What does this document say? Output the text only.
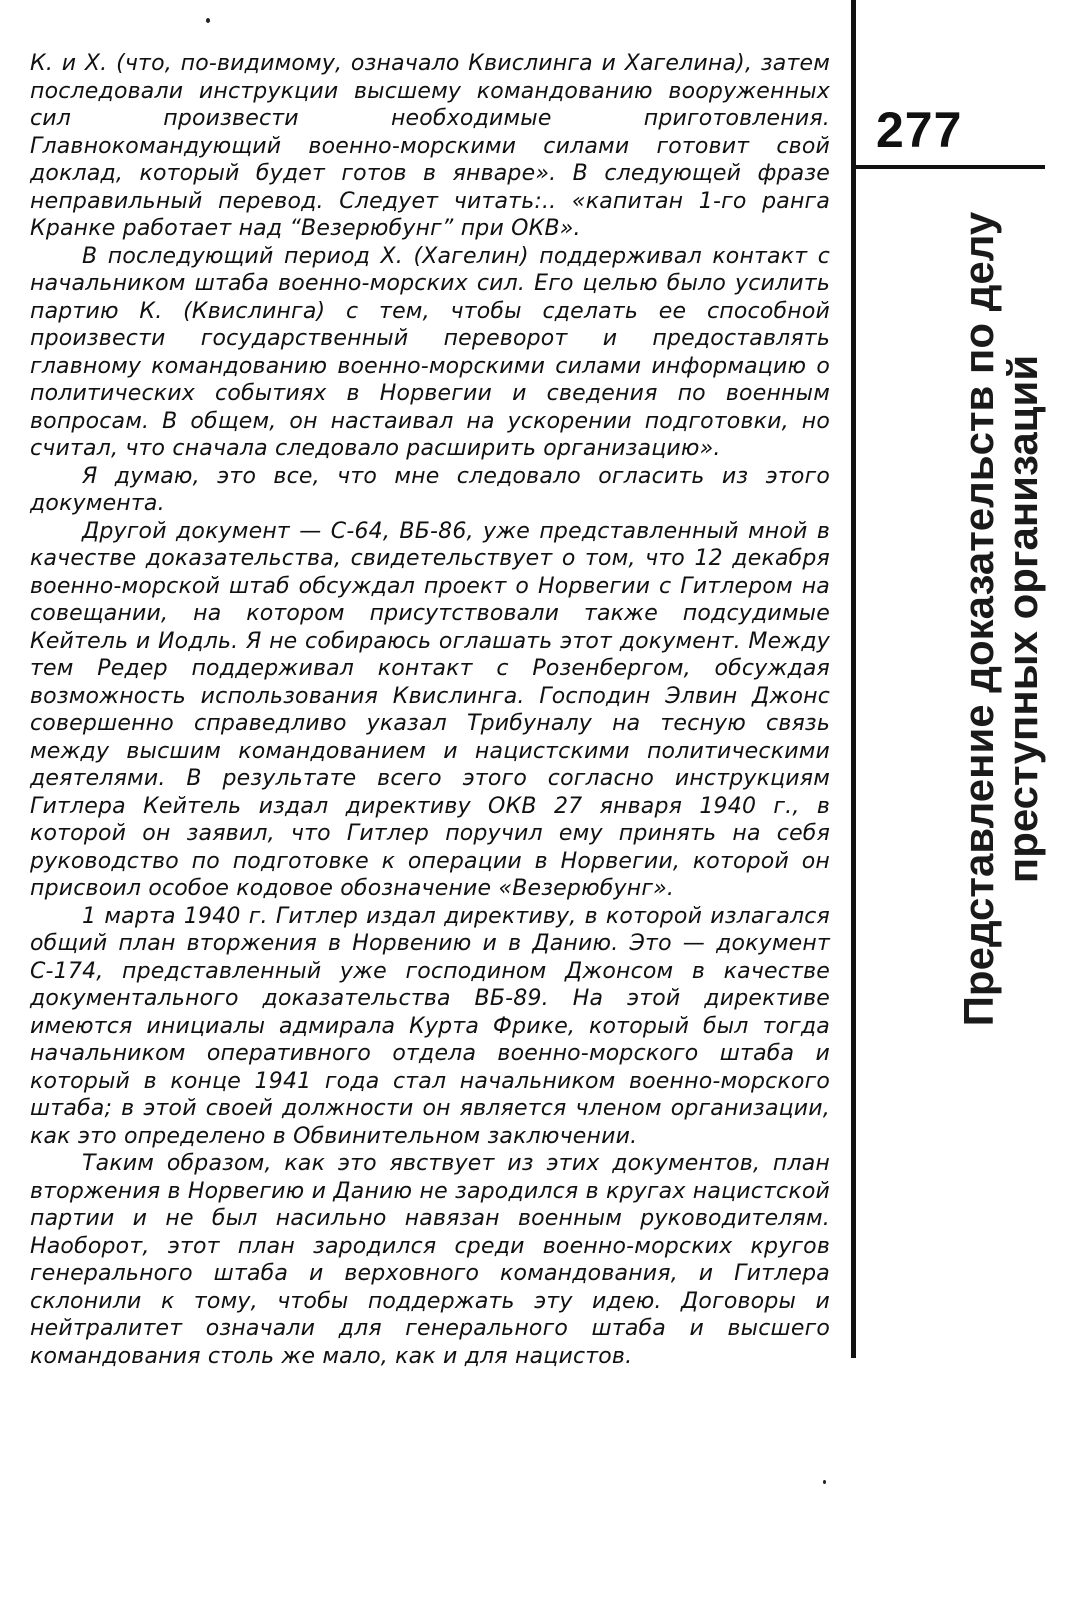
К. и Х. (что, по-видимому, означало Квислинга и Хагелина), затем последовали инструкции высшему командованию вооруженных сил произвести необходимые приготовления. Главнокомандующий военно-морскими силами готовит свой доклад, который будет готов в январе». В следующей фразе неправильный перевод. Следует читать:.. «капитан 1-го ранга Кранке работает над “Везерюбунг” при ОКВ».

В последующий период Х. (Хагелин) поддерживал контакт с начальником штаба военно-морских сил. Его целью было усилить партию К. (Квислинга) с тем, чтобы сделать ее способной произвести государственный переворот и предоставлять главному командованию военно-морскими силами информацию о политических событиях в Норвегии и сведения по военным вопросам. В общем, он настаивал на ускорении подготовки, но считал, что сначала следовало расширить организацию».

Я думаю, это все, что мне следовало огласить из этого документа.

Другой документ — С-64, ВБ-86, уже представленный мной в качестве доказательства, свидетельствует о том, что 12 декабря военно-морской штаб обсуждал проект о Норвегии с Гитлером на совещании, на котором присутствовали также подсудимые Кейтель и Иодль. Я не собираюсь оглашать этот документ. Между тем Редер поддерживал контакт с Розенбергом, обсуждая возможность использования Квислинга. Господин Элвин Джонс совершенно справедливо указал Трибуналу на тесную связь между высшим командованием и нацистскими политическими деятелями. В результате всего этого согласно инструкциям Гитлера Кейтель издал директиву ОКВ 27 января 1940 г., в которой он заявил, что Гитлер поручил ему принять на себя руководство по подготовке к операции в Норвегии, которой он присвоил особое кодовое обозначение «Везерюбунг».

1 марта 1940 г. Гитлер издал директиву, в которой излагался общий план вторжения в Норвению и в Данию. Это — документ С-174, представленный уже господином Джонсом в качестве документального доказательства ВБ-89. На этой директиве имеются инициалы адмирала Курта Фрике, который был тогда начальником оперативного отдела военно-морского штаба и который в конце 1941 года стал начальником военно-морского штаба; в этой своей должности он является членом организации, как это определено в Обвинительном заключении.

Таким образом, как это явствует из этих документов, план вторжения в Норвегию и Данию не зародился в кругах нацистской партии и не был насильно навязан военным руководителям. Наоборот, этот план зародился среди военно-морских кругов генерального штаба и верховного командования, и Гитлера склонили к тому, чтобы поддержать эту идею. Договоры и нейтралитет означали для генерального штаба и высшего командования столь же мало, как и для нацистов.

277
Представление доказательств по делу
преступных организаций
